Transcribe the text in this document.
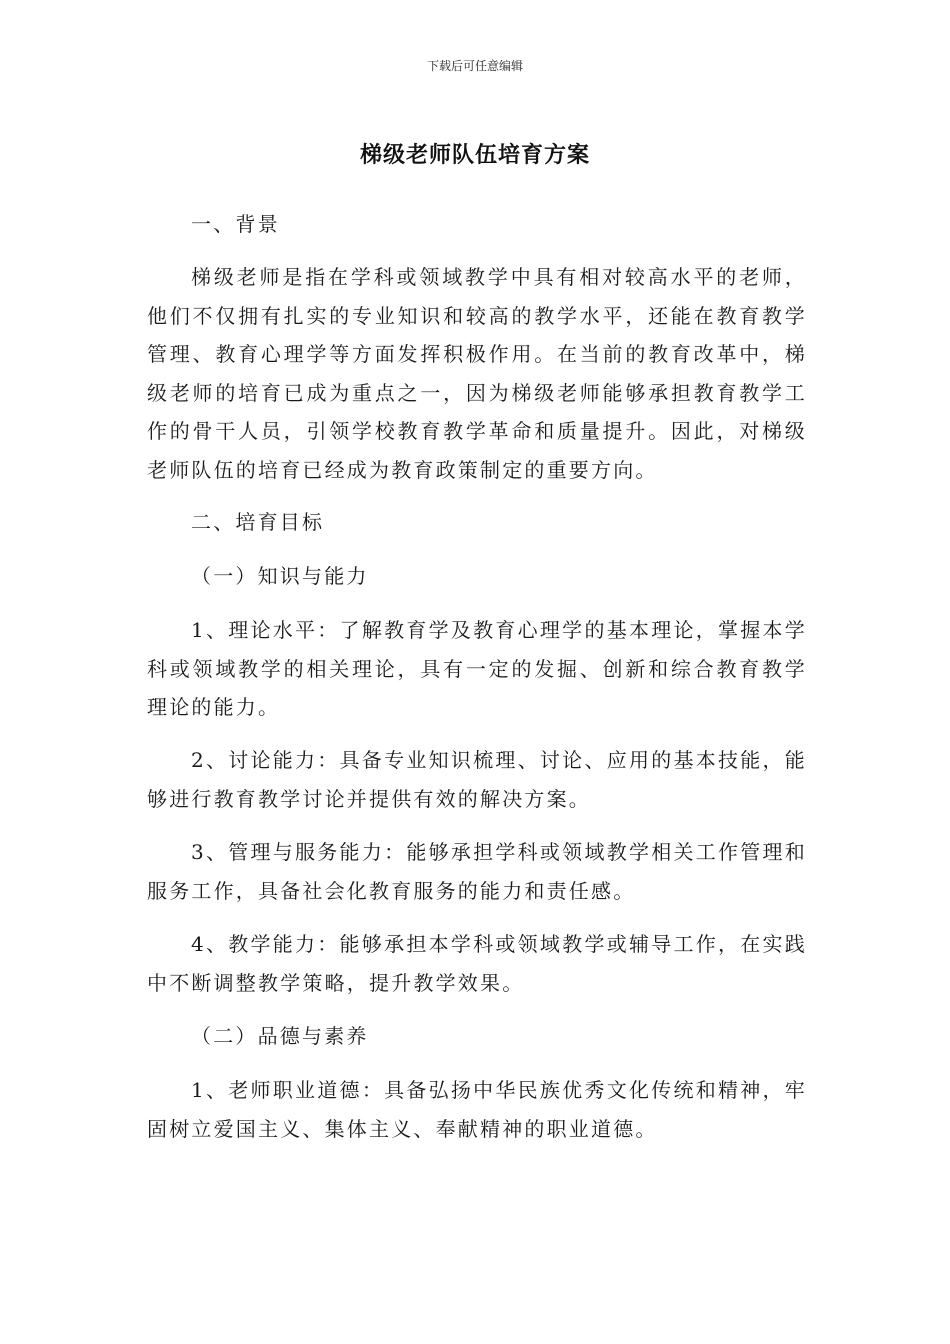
下载后可任意编辑
梯级老师队伍培育方案

一、背景

梯级老师是指在学科或领域教学中具有相对较高水平的老师，他们不仅拥有扎实的专业知识和较高的教学水平，还能在教育教学管理、教育心理学等方面发挥积极作用。在当前的教育改革中，梯级老师的培育已成为重点之一，因为梯级老师能够承担教育教学工作的骨干人员，引领学校教育教学革命和质量提升。因此，对梯级老师队伍的培育已经成为教育政策制定的重要方向。

二、培育目标

（一）知识与能力

1、理论水平：了解教育学及教育心理学的基本理论，掌握本学科或领域教学的相关理论，具有一定的发掘、创新和综合教育教学理论的能力。

2、讨论能力：具备专业知识梳理、讨论、应用的基本技能，能够进行教育教学讨论并提供有效的解决方案。

3、管理与服务能力：能够承担学科或领域教学相关工作管理和服务工作，具备社会化教育服务的能力和责任感。

4、教学能力：能够承担本学科或领域教学或辅导工作，在实践中不断调整教学策略，提升教学效果。

（二）品德与素养

1、老师职业道德：具备弘扬中华民族优秀文化传统和精神，牢固树立爱国主义、集体主义、奉献精神的职业道德。
